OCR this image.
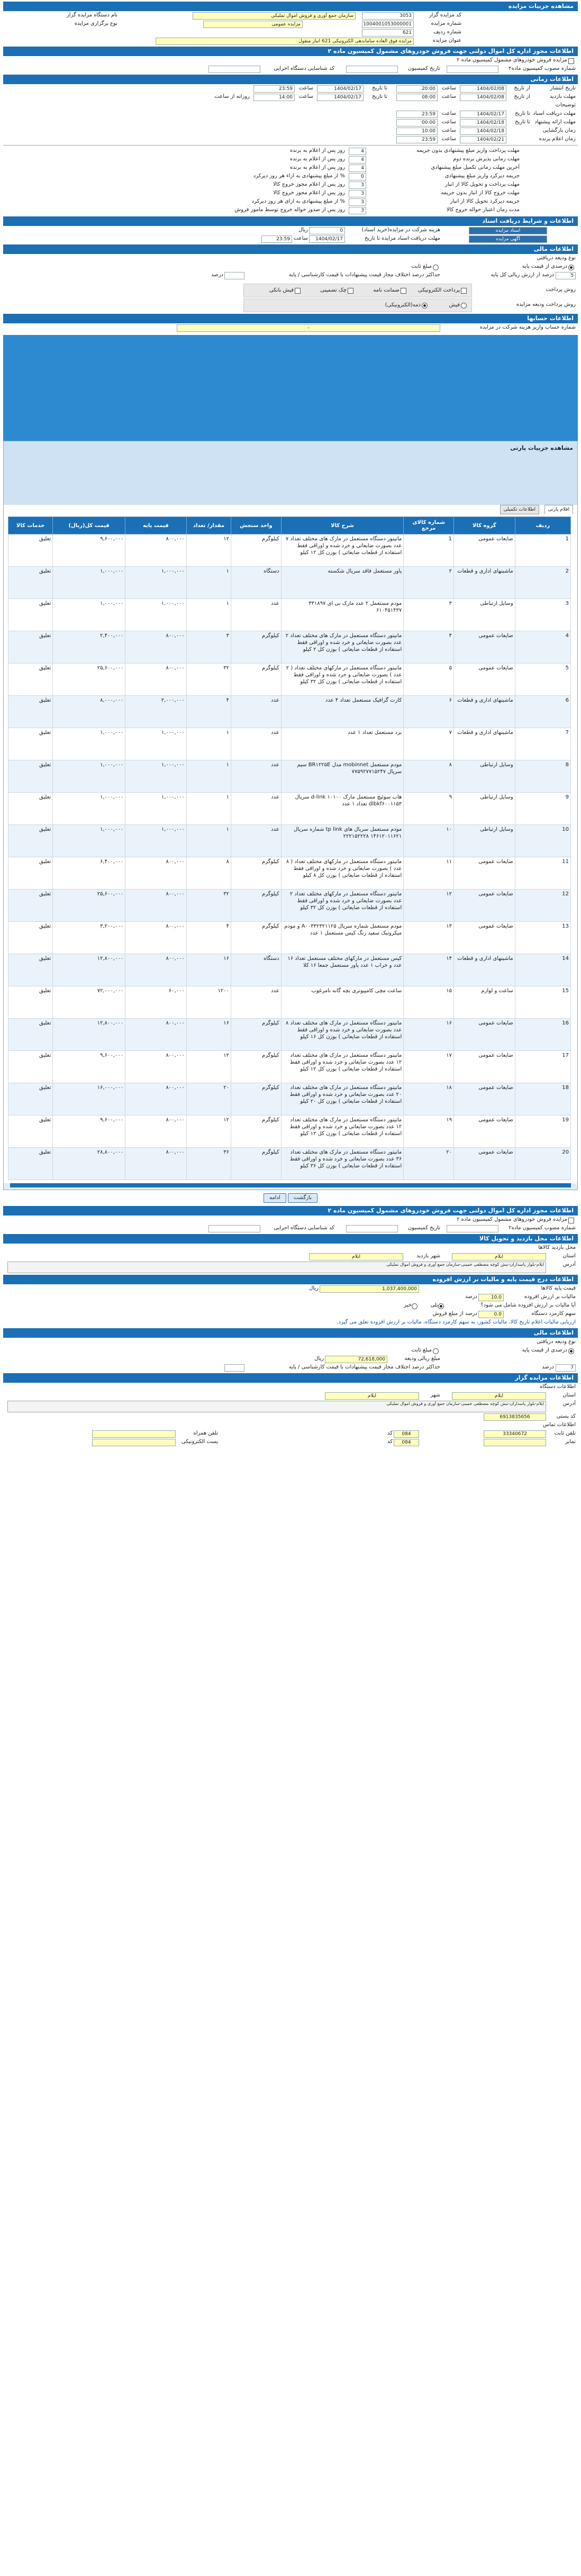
مشاهده جزییات مزایده
کد مزایده گزار
3053
نام دستگاه مزایده گزار	سازمان جمع آوری و فروش اموال تملیکی
شماره مزایده
1004001053000001
نوع برگزاری مزایده	مزایده عمومی
شماره ردیف
621
عنوان مزایده
مزایده فوق العاده ساماندهی الکترونیکی 621 انبار منقول
اطلاعات مجوز اداره کل اموال دولتی جهت فروش خودروهای مشمول کمیسیون ماده ۲
مزایده فروش خودروهای مشمول کمیسیون ماده ۲
شماره مصوب کمیسیون ماده۲
تاریخ کمیسیون
کد شناسایی دستگاه اجرایی
اطلاعات زمانی
تاریخ انتشار
از تاریخ
1404/02/08
ساعت
20:00
تا تاریخ
1404/02/17
ساعت
23:59
مهلت بازدید
از تاریخ
1404/02/08
ساعت
08:00
تا تاریخ
1404/02/17
ساعت
14:00
روزانه از ساعت
توضیحات
مهلت دریافت اسناد
تا تاریخ
1404/02/17
ساعت
23:59
مهلت ارائه پیشنهاد
تا تاریخ
1404/02/18
ساعت
00:00
زمان بازگشایی
1404/02/18
ساعت
10:00
زمان اعلام برنده
1404/02/21
ساعت
23:59
مهلت پرداخت واریز مبلغ پیشنهادی بدون جریمه
4
روز پس از اعلام به برنده
مهلت زمانی پذیرش برنده دوم
4
روز پس از اعلام به برنده
آخرین مهلت زمانی تکمیل مبلغ پیشنهادی
4
روز پس از اعلام به برنده
جریمه دیرکرد واریز مبلغ پیشنهادی
0
% از مبلغ پیشنهادی به ازاء هر روز دیرکرد
مهلت پرداخت و تحویل کالا از انبار
3
روز پس از اعلام مجوز خروج کالا
مهلت خروج کالا از انبار بدون جریمه
3
روز پس از اعلام مجوز خروج کالا
جریمه دیرکرد تحویل کالا از انبار
3
% از مبلغ پیشنهادی به ازای هر روز دیرکرد
مدت زمان اعتبار حواله خروج کالا
3
روز پس از صدور حواله خروج توسط مامور فروش
اطلاعات و شرایط دریافت اسناد
هزینه شرکت در مزایده(خرید اسناد)
0
ریال	اسناد مزایده
مهلت دریافت اسناد مزایده تا تاریخ
1404/02/17
ساعت
23:59	آگهی مزایده
اطلاعات مالی
نوع وديعه دريافتی
درصدی از قیمت پایه
مبلغ ثابت
5
درصد از ارزش ریالی کل پایه
حداکثر درصد اختلاف مجاز قیمت پیشنهادات با قیمت کارشناسی / پایه
درصد
روش پرداخت
پرداخت الکترونیکی
ضمانت نامه
چک تضمینی
فیش بانکی
روش پرداخت ودیعه مزایده
فیش
ذمه(الکترونیکی)
اطلاعات حسابها
شماره حساب واریز هزینه شرکت در مزایده
-
مشاهده جزییات پارتی
اقلام پارتی
اطلاعات تکمیلی
ردیف	گروه کالا	شماره کالای مرجع	شرح کالا	واحد سنجش	مقدار/ تعداد	قیمت پایه	قیمت کل(ریال)	خدمات کالا
1	ضایعات عمومی	1	مانیتور دستگاه مستعمل در مارک های مختلف تعداد ۷ عدد بصورت ضایعاتی و خرد شده و اوراقی فقط استفاده از قطعات ضایعاتی ) بوزن کل ۱۲ کیلو	کیلوگرم	۱۲	۸۰۰,۰۰۰	۹,۶۰۰,۰۰۰	تعلیق
2	ماشینهای اداری و قطعات	۲	پاور مستعمل فاقد سریال شکسته	دستگاه	۱	۱,۰۰۰,۰۰۰	۱,۰۰۰,۰۰۰	تعلیق
3	وسایل ارتباطی	۳	مودم مستعمل ۲ عدد مارک بی ای ۳۳۱۸۹۷ ۶۱۰۴۵۱۴۳۷	عدد	۱	۱,۰۰۰,۰۰۰	۱,۰۰۰,۰۰۰	تعلیق
4	ضایعات عمومی	۴	مانیتور دستگاه مستعمل در مارک های مختلف تعداد ۲ عدد بصورت ضایعاتی و خرد شده و اوراقی فقط استفاده از قطعات ضایعاتی ) بوزن کل ۲ کیلو	کیلوگرم	۳	۸۰۰,۰۰۰	۲,۴۰۰,۰۰۰	تعلیق
5	ضایعات عمومی	۵	مانیتور دستگاه مستعمل در مارکهای مختلف تعداد ( ۲ عدد ) بصورت ضایعاتی و خرد شده و اوراقی فقط استفاده از قطعات ضایعاتی ) بوزن کل ۳۲ کیلو	کیلوگرم	۳۲	۸۰۰,۰۰۰	۲۵,۶۰۰,۰۰۰	تعلیق
6	ماشینهای اداری و قطعات	۶	کارت گرافیک مستعمل تعداد ۴ عدد	عدد	۴	۲,۰۰۰,۰۰۰	۸,۰۰۰,۰۰۰	تعلیق
7	ماشینهای اداری و قطعات	۷	برد مستعمل تعداد ۱ عدد	عدد	۱	۱,۰۰۰,۰۰۰	۱,۰۰۰,۰۰۰	تعلیق
8	وسایل ارتباطی	۸	مودم مستعمل mobinnet مدل BR۱۲۲۵E سیم سریال ۷۷۵۹۲۷۷۱۵۲۴۷	عدد	۱	۱,۰۰۰,۰۰۰	۱,۰۰۰,۰۰۰	تعلیق
9	وسایل ارتباطی	۹	هاب سوئیچ مستعمل مارک d-link ۱۰۱۰۰ سریال dlbkf۶۰۰۱۱۵۳ تعداد ۱ عدد	عدد	۱	۱,۰۰۰,۰۰۰	۱,۰۰۰,۰۰۰	تعلیق
10	وسایل ارتباطی	۱۰	مودم مستعمل سریال های tp link شماره سریال ۱۴۶۱۲۰۱۱۶۲۱ ۲۲۲۱۵۲۲۲۸	عدد	۱	۱,۰۰۰,۰۰۰	۱,۰۰۰,۰۰۰	تعلیق
11	ضایعات عمومی	۱۱	مانیتور دستگاه مستعمل در مارکهای مختلف تعداد ( ۸ عدد ) بصورت ضایعاتی و خرد شده و اوراقی فقط استفاده از قطعات ضایعاتی ) بوزن کل ۸ کیلو	کیلوگرم	۸	۸۰۰,۰۰۰	۶,۴۰۰,۰۰۰	تعلیق
12	ضایعات عمومی	۱۲	مانیتور دستگاه مستعمل در مارکهای مختلف تعداد ۲ عدد بصورت ضایعاتی و خرد شده و اوراقی فقط استفاده از قطعات ضایعاتی ) بوزن کل ۳۲ کیلو	کیلوگرم	۳۲	۸۰۰,۰۰۰	۲۵,۶۰۰,۰۰۰	تعلیق
13	ضایعات عمومی	۱۳	مودم مستعمل شماره سریال A۰۰۳۳۲۳۲۱۱۲۵ و مودم میکروتیک سفید رنگ کیس مستعمل ۱ عدد	کیلوگرم	۴	۸۰۰,۰۰۰	۳,۲۰۰,۰۰۰	تعلیق
14	ماشینهای اداری و قطعات	۱۴	کیس مستعمل در مارکهای مختلف مستعمل تعداد ۱۶ عدد و خراب ۱ عدد پاور مستعمل جمعا ۱۶ کلا	دستگاه	۱۶	۸۰۰,۰۰۰	۱۲,۸۰۰,۰۰۰	تعلیق
15	ساعت و لوازم	۱۵	ساعت مچی کامپیوتری بچه گانه نامرغوب	عدد	۱۲۰۰	۶۰,۰۰۰	۷۲,۰۰۰,۰۰۰	تعلیق
16	ضایعات عمومی	۱۶	مانیتور دستگاه مستعمل در مارک های مختلف تعداد ۸ عدد بصورت ضایعاتی و خرد شده و اوراقی فقط استفاده از قطعات ضایعاتی ) بوزن کل ۱۶ کیلو	کیلوگرم	۱۶	۸۰۰,۰۰۰	۱۲,۸۰۰,۰۰۰	تعلیق
17	ضایعات عمومی	۱۷	مانیتور دستگاه مستعمل در مارک های مختلف تعداد ۱۲ عدد بصورت ضایعاتی و خرد شده و اوراقی فقط استفاده از قطعات ضایعاتی ) بوزن کل ۱۲ کیلو	کیلوگرم	۱۲	۸۰۰,۰۰۰	۹,۶۰۰,۰۰۰	تعلیق
18	ضایعات عمومی	۱۸	مانیتور دستگاه مستعمل در مارک های مختلف تعداد ۲۰ عدد بصورت ضایعاتی و خرد شده و اوراقی فقط استفاده از قطعات ضایعاتی ) بوزن کل ۲۰ کیلو	کیلوگرم	۲۰	۸۰۰,۰۰۰	۱۶,۰۰۰,۰۰۰	تعلیق
19	ضایعات عمومی	۱۹	مانیتور دستگاه مستعمل در مارک های مختلف تعداد ۱۲ عدد بصورت ضایعاتی و خرد شده و اوراقی فقط استفاده از قطعات ضایعاتی ) بوزن کل ۱۲ کیلو	کیلوگرم	۱۲	۸۰۰,۰۰۰	۹,۶۰۰,۰۰۰	تعلیق
20	ضایعات عمومی	۲۰	مانیتور دستگاه مستعمل در مارک های مختلف تعداد ۳۶ عدد بصورت ضایعاتی و خرد شده و اوراقی فقط استفاده از قطعات ضایعاتی ) بوزن کل ۳۶ کیلو	کیلوگرم	۳۶	۸۰۰,۰۰۰	۲۸,۸۰۰,۰۰۰	تعلیق
بازگشت ادامه
اطلاعات مجوز اداره کل اموال دولتی جهت فروش خودروهای مشمول کمیسیون ماده ۲
مزایده فروش خودروهای مشمول کمیسیون ماده ۲
شماره مصوب کمیسیون ماده۲
تاریخ کمیسیون
کد شناسایی دستگاه اجرایی
اطلاعات محل بازدید و تحویل کالا
محل بازدید کالاها
استان
ایلام
شهر بازدید
ایلام
آدرس
ایلام-بلوار پاسداران-نبش کوچه مصطفی خمینی-سازمان جمع آوری و فروش اموال تملیکی
اطلاعات درج قیمت پایه و مالیات بر ارزش افزوده
قیمت پایه کالاها
1,037,400,000
ریال
مالیات بر ارزش افزوده
10.0
درصد
آیا مالیات بر ارزش افزوده شامل می شود؟
بلی
خیر
سهم کارمزد دستگاه
0.0
درصد از مبلغ فروش
ارزیابی مالیات اعلام تاریخ کالا، مالیات کشور، به سهم کارمزد دستگاه، مالیات بر ارزش افزوده تعلق می گیرد.
اطلاعات مالی
نوع ودیعه دریافتی
درصدی از قیمت پایه
مبلغ ثابت
مبلغ ریالی ودیعه
72,618,000
ریال
7
درصد
حداکثر درصد اختلاف مجاز قیمت پیشنهادات با قیمت کارشناسی / پایه
اطلاعات مزایده گزار
اطلاعات دستگاه
استان
ایلام
شهر
ایلام
آدرس
ایلام-بلوار پاسداران-نبش کوچه مصطفی خمینی-سازمان جمع آوری و فروش اموال تملیکی
کد پستی
6913835656
اطلاعات تماس
تلفن ثابت
33340672
084
کد
تلفن همراه
نمابر
084
کد
پست الکترونیکی
